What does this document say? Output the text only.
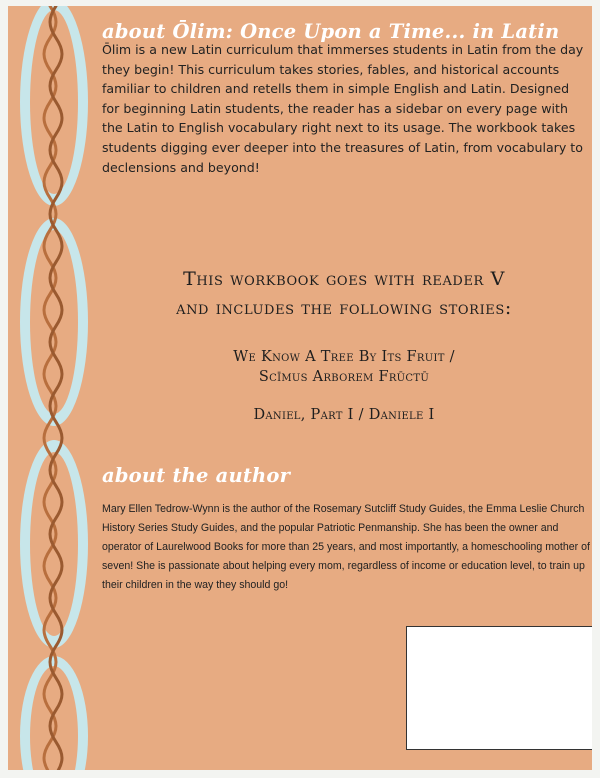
about Ōlim: Once Upon a Time... in Latin

Ōlim is a new Latin curriculum that immerses students in Latin from the day they begin! This curriculum takes stories, fables, and historical accounts familiar to children and retells them in simple English and Latin. Designed for beginning Latin students, the reader has a sidebar on every page with the Latin to English vocabulary right next to its usage. The workbook takes students digging ever deeper into the treasures of Latin, from vocabulary to declensions and beyond!

This workbook goes with reader V

and includes the following stories:

We Know A Tree By Its Fruit /

Scīmus Arborem Frūctū

Daniel, Part I / Daniele I

about the author

Mary Ellen Tedrow-Wynn is the author of the Rosemary Sutcliff Study Guides, the Emma Leslie Church History Series Study Guides, and the popular Patriotic Penmanship. She has been the owner and operator of Laurelwood Books for more than 25 years, and most importantly, a homeschooling mother of seven! She is passionate about helping every mom, regardless of income or education level, to train up their children in the way they should go!
